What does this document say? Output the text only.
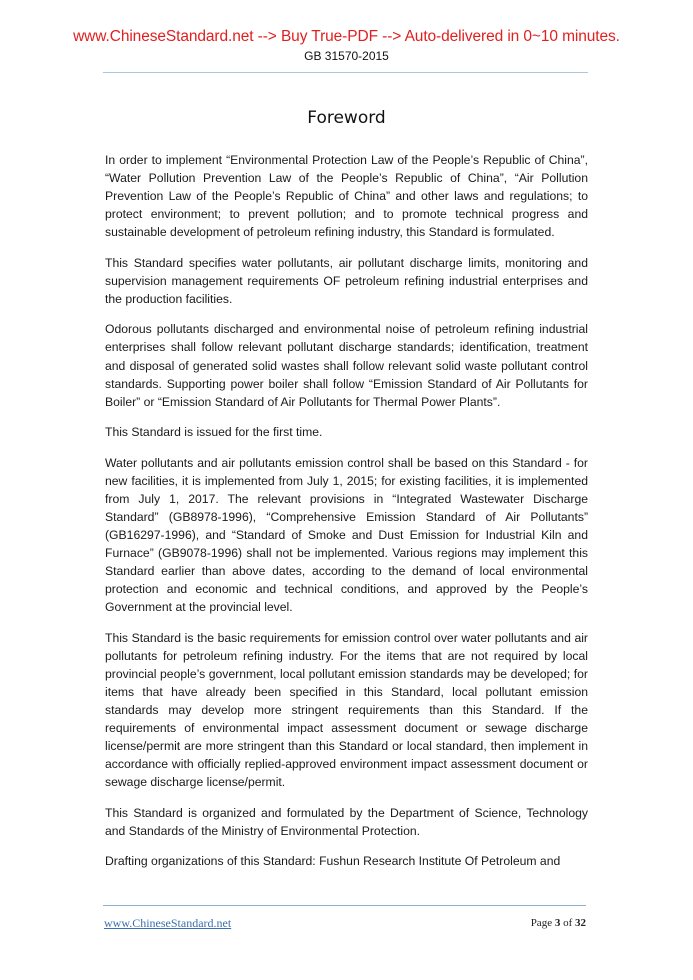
www.ChineseStandard.net --> Buy True-PDF --> Auto-delivered in 0~10 minutes.
GB 31570-2015
Foreword

In order to implement “Environmental Protection Law of the People’s Republic of China”, “Water Pollution Prevention Law of the People’s Republic of China”, “Air Pollution Prevention Law of the People’s Republic of China” and other laws and regulations; to protect environment; to prevent pollution; and to promote technical progress and sustainable development of petroleum refining industry, this Standard is formulated.

This Standard specifies water pollutants, air pollutant discharge limits, monitoring and supervision management requirements OF petroleum refining industrial enterprises and the production facilities.

Odorous pollutants discharged and environmental noise of petroleum refining industrial enterprises shall follow relevant pollutant discharge standards; identification, treatment and disposal of generated solid wastes shall follow relevant solid waste pollutant control standards. Supporting power boiler shall follow “Emission Standard of Air Pollutants for Boiler” or “Emission Standard of Air Pollutants for Thermal Power Plants”.

This Standard is issued for the first time.

Water pollutants and air pollutants emission control shall be based on this Standard - for new facilities, it is implemented from July 1, 2015; for existing facilities, it is implemented from July 1, 2017. The relevant provisions in “Integrated Wastewater Discharge Standard” (GB8978-1996), “Comprehensive Emission Standard of Air Pollutants” (GB16297-1996), and “Standard of Smoke and Dust Emission for Industrial Kiln and Furnace” (GB9078-1996) shall not be implemented. Various regions may implement this Standard earlier than above dates, according to the demand of local environmental protection and economic and technical conditions, and approved by the People’s Government at the provincial level.

This Standard is the basic requirements for emission control over water pollutants and air pollutants for petroleum refining industry. For the items that are not required by local provincial people’s government, local pollutant emission standards may be developed; for items that have already been specified in this Standard, local pollutant emission standards may develop more stringent requirements than this Standard. If the requirements of environmental impact assessment document or sewage discharge license/permit are more stringent than this Standard or local standard, then implement in accordance with officially replied-approved environment impact assessment document or sewage discharge license/permit.

This Standard is organized and formulated by the Department of Science, Technology and Standards of the Ministry of Environmental Protection.

Drafting organizations of this Standard: Fushun Research Institute Of Petroleum and

www.ChineseStandard.net	Page 3 of 32
